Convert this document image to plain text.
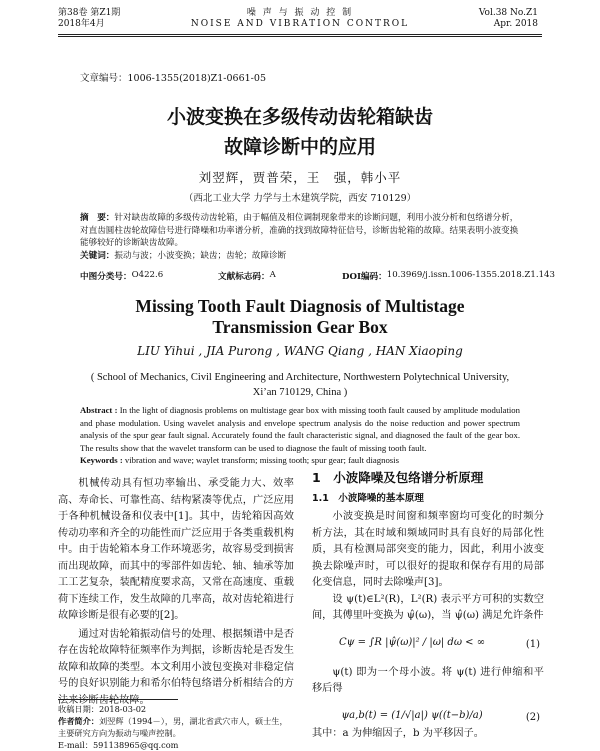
第38卷 第Z1期
2018年4月
噪 声 与 振 动 控 制
NOISE AND VIBRATION CONTROL
Vol.38 No.Z1
Apr. 2018
文章编号：1006-1355(2018)Z1-0661-05
小波变换在多级传动齿轮箱缺齿
故障诊断中的应用
刘翌辉，贾普荣，王　强，韩小平
（西北工业大学 力学与土木建筑学院，西安 710129）
摘　要：针对缺齿故障的多级传动齿轮箱，由于幅值及相位调制现象带来的诊断问题，利用小波分析和包络谱分析，对直齿圆柱齿轮故障信号进行降噪和功率谱分析，准确的找到故障特征信号，诊断齿轮箱的故障。结果表明小波变换能够较好的诊断缺齿故障。
关键词：振动与波；小波变换；缺齿；齿轮；故障诊断
中图分类号： O422.6	文献标志码： A	DOI编码： 10.3969/j.issn.1006-1355.2018.Z1.143
Missing Tooth Fault Diagnosis of Multistage
Transmission Gear Box
LIU Yihui , JIA Purong , WANG Qiang , HAN Xiaoping
( School of Mechanics, Civil Engineering and Architecture, Northwestern Polytechnical University,
Xi’an 710129, China )
Abstract : In the light of diagnosis problems on multistage gear box with missing tooth fault caused by amplitude modulation and phase modulation. Using wavelet analysis and envelope spectrum analysis do the noise reduction and power spectrum analysis of the spur gear fault signal. Accurately found the fault characteristic signal, and diagnosed the fault of the gear box. The results show that the wavelet transform can be used to diagnose the fault of missing tooth fault.
Keywords : vibration and wave; waylet transform; missing tooth; spur gear; fault diagnosis

机械传动具有恒功率输出、承受能力大、效率高、寿命长、可靠性高、结构紧凑等优点，广泛应用于各种机械设备和仪表中[1]。其中，齿轮箱因高效传动功率和齐全的功能性而广泛应用于各类重载机构中。由于齿轮箱本身工作环境恶劣，故容易受到损害而出现故障，而其中的零部件如齿轮、轴、轴承等加工工艺复杂，装配精度要求高，又常在高速度、重载荷下连续工作，发生故障的几率高，故对齿轮箱进行故障诊断是很有必要的[2]。

通过对齿轮箱振动信号的处理、根据频谱中是否存在齿轮故障特征频率作为判据，诊断齿轮是否发生故障和故障的类型。本文利用小波包变换对非稳定信号的良好识别能力和希尔伯特包络谱分析相结合的方法来诊断齿轮故障。

收稿日期：2018-03-02
作者简介：刘翌辉（1994－），男，湖北省武穴市人，硕士生，主要研究方向为振动与噪声控制。
E-mail：591138965@qq.com
1　小波降噪及包络谱分析原理
1.1　小波降噪的基本原理

小波变换是时间窗和频率窗均可变化的时频分析方法，其在时域和频域同时具有良好的局部化性质，具有检测局部突变的能力，因此，利用小波变换去除噪声时，可以很好的提取和保存有用的局部化变信息，同时去除噪声[3]。

设 ψ(t)∈L²(R)，L²(R) 表示平方可积的实数空间，其傅里叶变换为 ψ̂(ω)，当 ψ̂(ω) 满足允许条件

Cψ = ∫R |ψ̂(ω)|² / |ω| dω < ∞	(1)

ψ(t) 即为一个母小波。将 ψ(t) 进行伸缩和平移后得

ψa,b(t) = (1/√|a|) ψ((t−b)/a)	(2)
其中：a 为伸缩因子，b 为平移因子。
